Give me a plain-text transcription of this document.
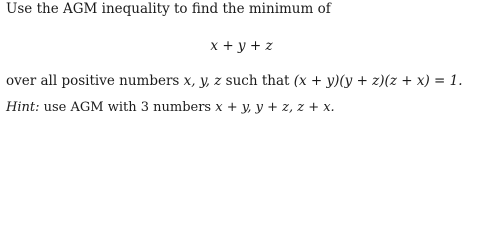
Use the AGM inequality to find the minimum of
x + y + z
over all positive numbers x, y, z such that (x + y)(y + z)(z + x) = 1.
Hint: use AGM with 3 numbers x + y, y + z, z + x.
